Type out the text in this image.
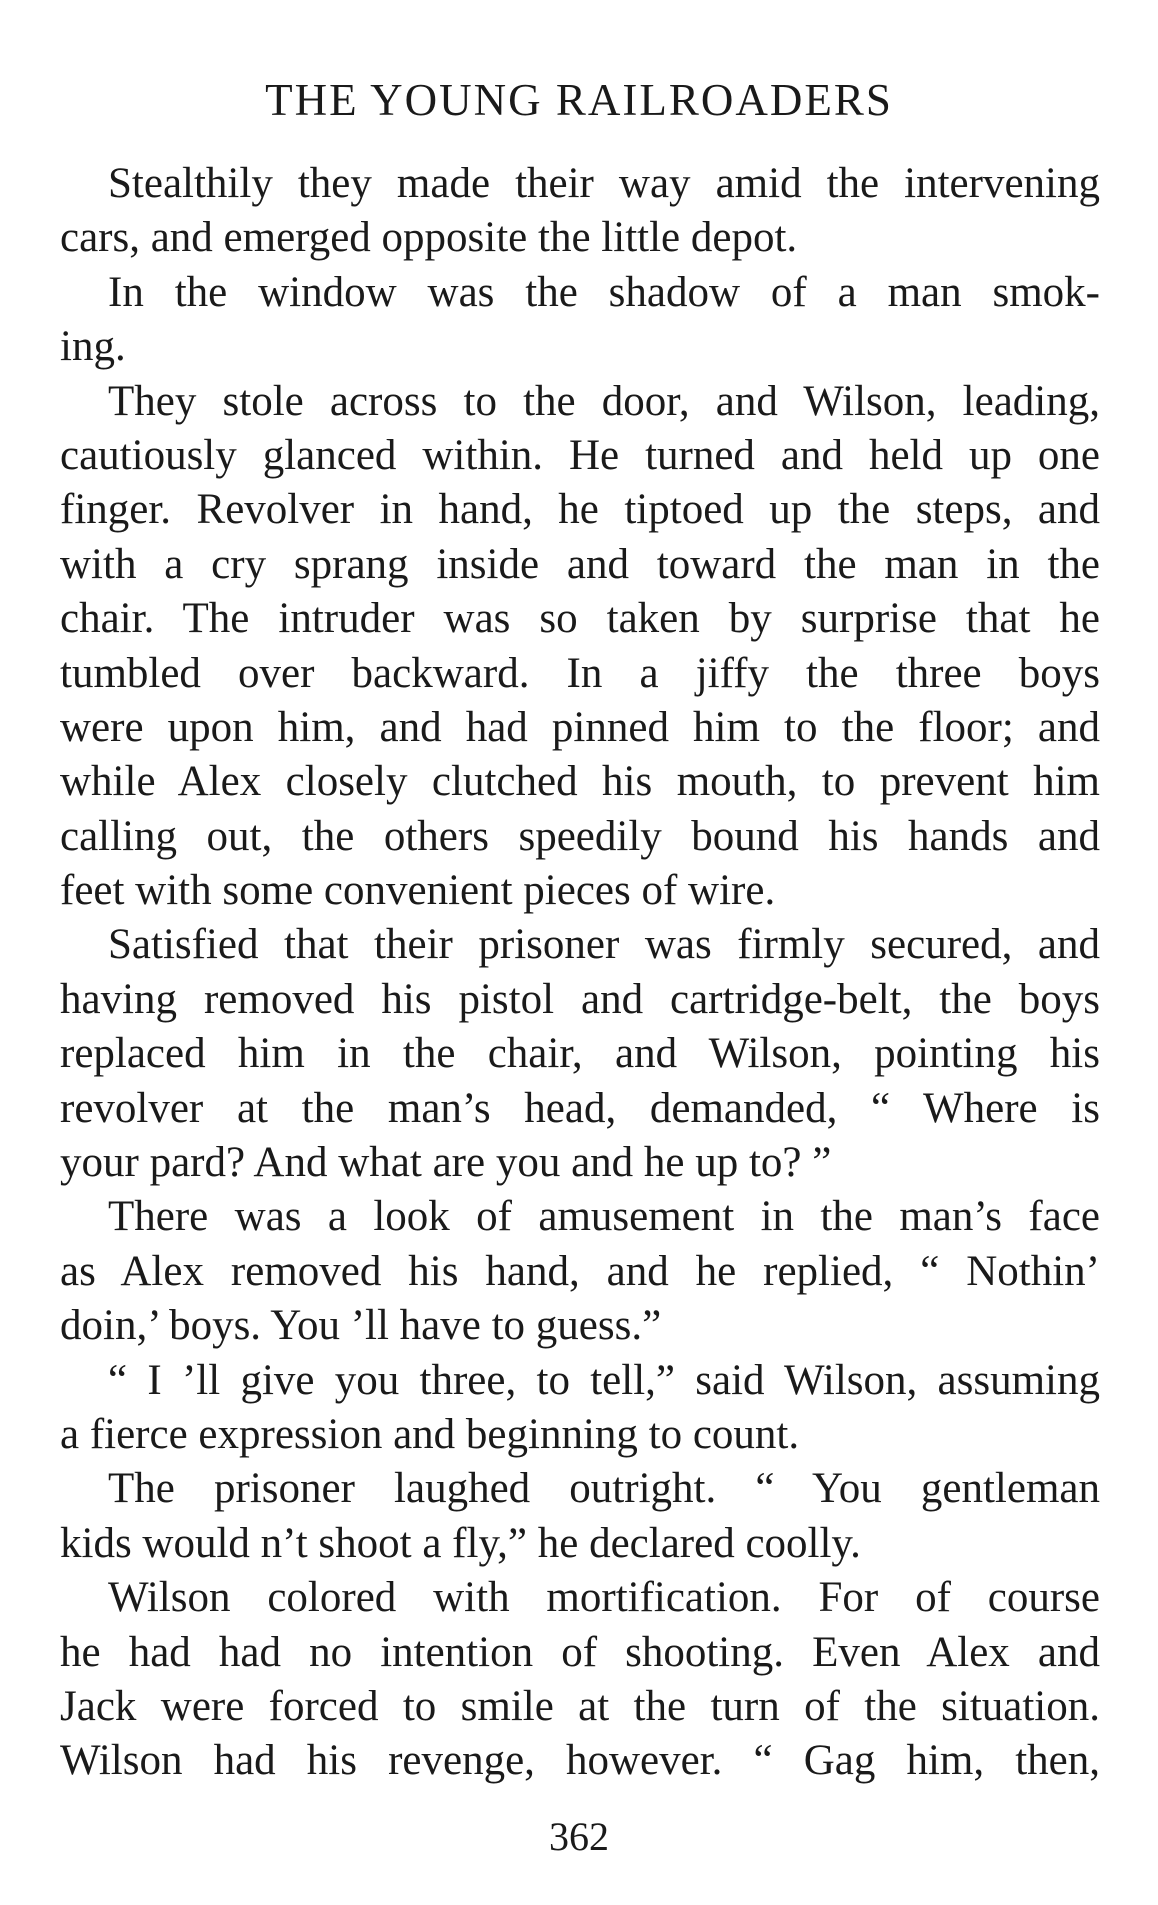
THE YOUNG RAILROADERS
Stealthily they made their way amid the intervening
cars, and emerged opposite the little depot.
In the window was the shadow of a man smok-
ing.
They stole across to the door, and Wilson, leading,
cautiously glanced within. He turned and held up one
finger. Revolver in hand, he tiptoed up the steps, and
with a cry sprang inside and toward the man in the
chair. The intruder was so taken by surprise that he
tumbled over backward. In a jiffy the three boys
were upon him, and had pinned him to the floor; and
while Alex closely clutched his mouth, to prevent him
calling out, the others speedily bound his hands and
feet with some convenient pieces of wire.
Satisfied that their prisoner was firmly secured, and
having removed his pistol and cartridge-belt, the boys
replaced him in the chair, and Wilson, pointing his
revolver at the man’s head, demanded, “ Where is
your pard? And what are you and he up to? ”
There was a look of amusement in the man’s face
as Alex removed his hand, and he replied, “ Nothin’
doin,’ boys. You ’ll have to guess.”
“ I ’ll give you three, to tell,” said Wilson, assuming
a fierce expression and beginning to count.
The prisoner laughed outright. “ You gentleman
kids would n’t shoot a fly,” he declared coolly.
Wilson colored with mortification. For of course
he had had no intention of shooting. Even Alex and
Jack were forced to smile at the turn of the situation.
Wilson had his revenge, however. “ Gag him, then,
362
